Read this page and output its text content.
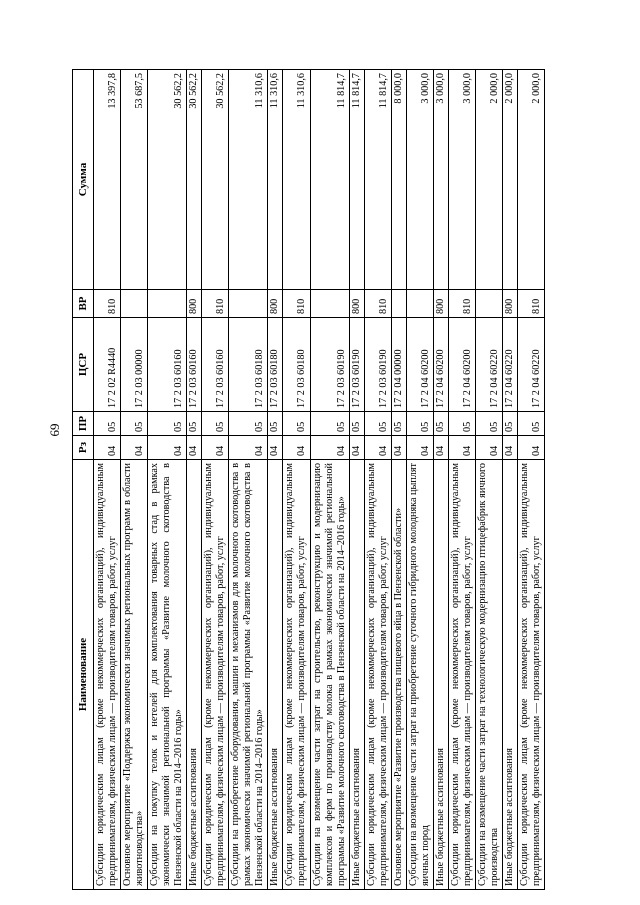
69
Наименование	Рз	ПР	ЦСР	ВР	Сумма
Субсидии юридическим лицам (кроме некоммерческих организаций), индивидуальным предпринимателям, физическим лицам — производителям товаров, работ, услуг	04	05	17 2 02 R4440	810	13 397,8
Основное мероприятие «Поддержка экономически значимых региональных программ в области животноводства»	04	05	17 2 03 00000		53 687,5
Субсидии на покупку телок и нетелей для комплектования товарных стад в рамках экономически значимой региональной программы «Развитие молочного скотоводства в Пензенской области на 2014–2016 годы»	04	05	17 2 03 60160		30 562,2
Иные бюджетные ассигнования	04	05	17 2 03 60160	800	30 562,2
Субсидии юридическим лицам (кроме некоммерческих организаций), индивидуальным предпринимателям, физическим лицам — производителям товаров, работ, услуг	04	05	17 2 03 60160	810	30 562,2
Субсидии на приобретение оборудования, машин и механизмов для молочного скотоводства в рамках экономически значимой региональной программы «Развитие молочного скотоводства в Пензенской области на 2014–2016 годы»	04	05	17 2 03 60180		11 310,6
Иные бюджетные ассигнования	04	05	17 2 03 60180	800	11 310,6
Субсидии юридическим лицам (кроме некоммерческих организаций), индивидуальным предпринимателям, физическим лицам — производителям товаров, работ, услуг	04	05	17 2 03 60180	810	11 310,6
Субсидии на возмещение части затрат на строительство, реконструкцию и модернизацию комплексов и ферм по производству молока в рамках экономически значимой региональной программы «Развитие молочного скотоводства в Пензенской области на 2014–2016 годы»	04	05	17 2 03 60190		11 814,7
Иные бюджетные ассигнования	04	05	17 2 03 60190	800	11 814,7
Субсидии юридическим лицам (кроме некоммерческих организаций), индивидуальным предпринимателям, физическим лицам — производителям товаров, работ, услуг	04	05	17 2 03 60190	810	11 814,7
Основное мероприятие «Развитие производства пищевого яйца в Пензенской области»	04	05	17 2 04 00000		8 000,0
Субсидии на возмещение части затрат на приобретение суточного гибридного молодняка цыплят яичных пород	04	05	17 2 04 60200		3 000,0
Иные бюджетные ассигнования	04	05	17 2 04 60200	800	3 000,0
Субсидии юридическим лицам (кроме некоммерческих организаций), индивидуальным предпринимателям, физическим лицам — производителям товаров, работ, услуг	04	05	17 2 04 60200	810	3 000,0
Субсидии на возмещение части затрат на технологическую модернизацию птицефабрик яичного производства	04	05	17 2 04 60220		2 000,0
Иные бюджетные ассигнования	04	05	17 2 04 60220	800	2 000,0
Субсидии юридическим лицам (кроме некоммерческих организаций), индивидуальным предпринимателям, физическим лицам — производителям товаров, работ, услуг	04	05	17 2 04 60220	810	2 000,0
